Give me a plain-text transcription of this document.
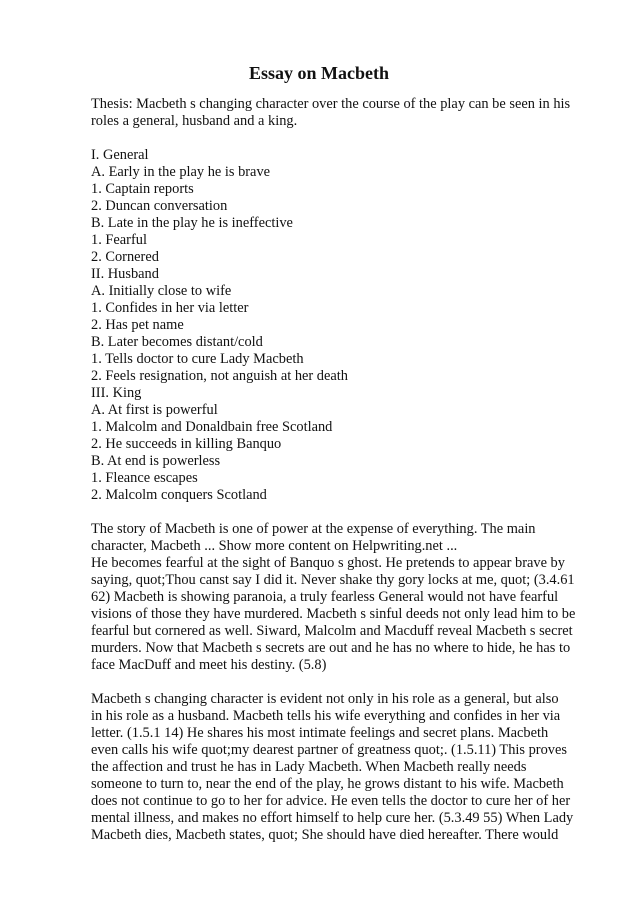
Essay on Macbeth
Thesis: Macbeth s changing character over the course of the play can be seen in his
roles a general, husband and a king.
I. General
A. Early in the play he is brave
1. Captain reports
2. Duncan conversation
B. Late in the play he is ineffective
1. Fearful
2. Cornered
II. Husband
A. Initially close to wife
1. Confides in her via letter
2. Has pet name
B. Later becomes distant/cold
1. Tells doctor to cure Lady Macbeth
2. Feels resignation, not anguish at her death
III. King
A. At first is powerful
1. Malcolm and Donaldbain free Scotland
2. He succeeds in killing Banquo
B. At end is powerless
1. Fleance escapes
2. Malcolm conquers Scotland
The story of Macbeth is one of power at the expense of everything. The main
character, Macbeth ... Show more content on Helpwriting.net ...
He becomes fearful at the sight of Banquo s ghost. He pretends to appear brave by
saying, quot;Thou canst say I did it. Never shake thy gory locks at me, quot; (3.4.61
62) Macbeth is showing paranoia, a truly fearless General would not have fearful
visions of those they have murdered. Macbeth s sinful deeds not only lead him to be
fearful but cornered as well. Siward, Malcolm and Macduff reveal Macbeth s secret
murders. Now that Macbeth s secrets are out and he has no where to hide, he has to
face MacDuff and meet his destiny. (5.8)
Macbeth s changing character is evident not only in his role as a general, but also
in his role as a husband. Macbeth tells his wife everything and confides in her via
letter. (1.5.1 14) He shares his most intimate feelings and secret plans. Macbeth
even calls his wife quot;my dearest partner of greatness quot;. (1.5.11) This proves
the affection and trust he has in Lady Macbeth. When Macbeth really needs
someone to turn to, near the end of the play, he grows distant to his wife. Macbeth
does not continue to go to her for advice. He even tells the doctor to cure her of her
mental illness, and makes no effort himself to help cure her. (5.3.49 55) When Lady
Macbeth dies, Macbeth states, quot; She should have died hereafter. There would
